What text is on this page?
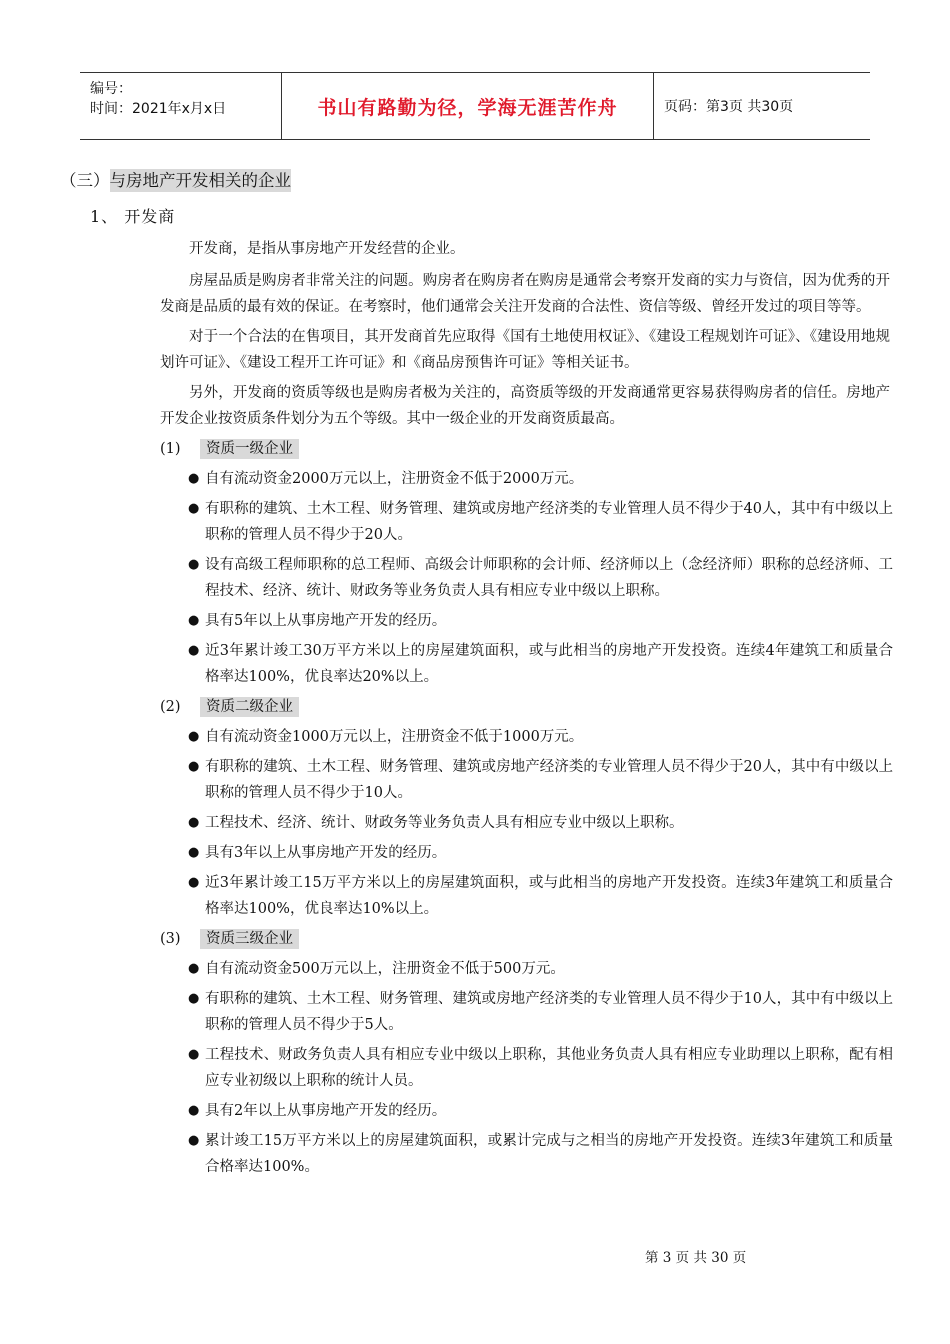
编号：
时间：2021年x月x日	书山有路勤为径，学海无涯苦作舟	页码：第3页 共30页
（三）与房地产开发相关的企业
1、 开发商

开发商，是指从事房地产开发经营的企业。

房屋品质是购房者非常关注的问题。购房者在购房者在购房是通常会考察开发商的实力与资信，因为优秀的开发商是品质的最有效的保证。在考察时，他们通常会关注开发商的合法性、资信等级、曾经开发过的项目等等。

对于一个合法的在售项目，其开发商首先应取得《国有土地使用权证》、《建设工程规划许可证》、《建设用地规划许可证》、《建设工程开工许可证》和《商品房预售许可证》等相关证书。

另外，开发商的资质等级也是购房者极为关注的，高资质等级的开发商通常更容易获得购房者的信任。房地产开发企业按资质条件划分为五个等级。其中一级企业的开发商资质最高。

(1) 资质一级企业
● 自有流动资金2000万元以上，注册资金不低于2000万元。
● 有职称的建筑、土木工程、财务管理、建筑或房地产经济类的专业管理人员不得少于40人，其中有中级以上职称的管理人员不得少于20人。
● 设有高级工程师职称的总工程师、高级会计师职称的会计师、经济师以上（念经济师）职称的总经济师、工程技术、经济、统计、财政务等业务负责人具有相应专业中级以上职称。
● 具有5年以上从事房地产开发的经历。
● 近3年累计竣工30万平方米以上的房屋建筑面积，或与此相当的房地产开发投资。连续4年建筑工和质量合格率达100%，优良率达20%以上。
(2) 资质二级企业
● 自有流动资金1000万元以上，注册资金不低于1000万元。
● 有职称的建筑、土木工程、财务管理、建筑或房地产经济类的专业管理人员不得少于20人，其中有中级以上职称的管理人员不得少于10人。
● 工程技术、经济、统计、财政务等业务负责人具有相应专业中级以上职称。
● 具有3年以上从事房地产开发的经历。
● 近3年累计竣工15万平方米以上的房屋建筑面积，或与此相当的房地产开发投资。连续3年建筑工和质量合格率达100%，优良率达10%以上。
(3) 资质三级企业
● 自有流动资金500万元以上，注册资金不低于500万元。
● 有职称的建筑、土木工程、财务管理、建筑或房地产经济类的专业管理人员不得少于10人，其中有中级以上职称的管理人员不得少于5人。
● 工程技术、财政务负责人具有相应专业中级以上职称，其他业务负责人具有相应专业助理以上职称，配有相应专业初级以上职称的统计人员。
● 具有2年以上从事房地产开发的经历。
● 累计竣工15万平方米以上的房屋建筑面积，或累计完成与之相当的房地产开发投资。连续3年建筑工和质量合格率达100%。
第 3 页 共 30 页
